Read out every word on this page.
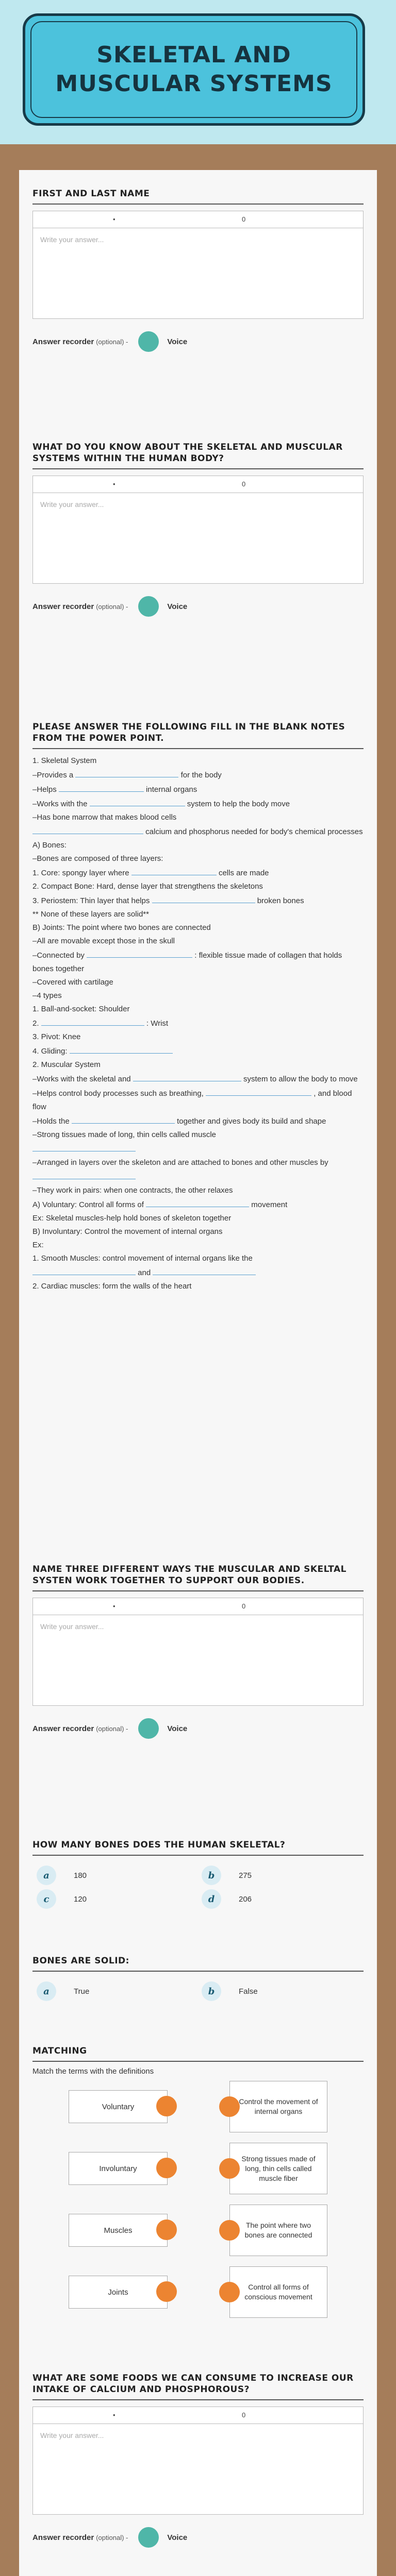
SKELETAL AND MUSCULAR SYSTEMS
FIRST AND LAST NAME
•	0
Write your answer...
Answer recorder (optional) -	Voice
WHAT DO YOU KNOW ABOUT THE SKELETAL AND MUSCULAR SYSTEMS WITHIN THE HUMAN BODY?
•	0
Write your answer...
Answer recorder (optional) -	Voice
PLEASE ANSWER THE FOLLOWING FILL IN THE BLANK NOTES FROM THE POWER POINT.
1. Skeletal System
–Provides a	for the body
–Helps	internal organs
–Works with the	system to help the body move
–Has bone marrow that makes blood cells
calcium and phosphorus needed for body's chemical processes
A) Bones:
–Bones are composed of three layers:
1. Core: spongy layer where	cells are made
2. Compact Bone: Hard, dense layer that strengthens the skeletons
3. Periostem: Thin layer that helps	broken bones
** None of these layers are solid**
B) Joints: The point where two bones are connected
–All are movable except those in the skull
–Connected by	: flexible tissue made of collagen that holds bones together
–Covered with cartilage
–4 types
1. Ball-and-socket: Shoulder
2.	: Wrist
3. Pivot: Knee
4. Gliding:
2. Muscular System
–Works with the skeletal and	system to allow the body to move
–Helps control body processes such as breathing,	, and blood flow
–Holds the	together and gives body its build and shape
–Strong tissues made of long, thin cells called muscle
–Arranged in layers over the skeleton and are attached to bones and other muscles by
–They work in pairs: when one contracts, the other relaxes
A) Voluntary: Control all forms of	movement
Ex: Skeletal muscles-help hold bones of skeleton together
B) Involuntary: Control the movement of internal organs
Ex:
1. Smooth Muscles: control movement of internal organs like the
and
2. Cardiac muscles: form the walls of the heart
NAME THREE DIFFERENT WAYS THE MUSCULAR AND SKELTAL SYSTEN WORK TOGETHER TO SUPPORT OUR BODIES.
•	0
Write your answer...
Answer recorder (optional) -	Voice
HOW MANY BONES DOES THE HUMAN SKELETAL?
a	180	b	275
c	120	d	206
BONES ARE SOLID:
a	True	b	False
MATCHING
Match the terms with the definitions
Voluntary
Involuntary
Muscles
Joints
Control the movement of internal organs
Strong tissues made of long, thin cells called muscle fiber
The point where two bones are connected
Control all forms of conscious movement
WHAT ARE SOME FOODS WE CAN CONSUME TO INCREASE OUR INTAKE OF CALCIUM AND PHOSPHOROUS?
•	0
Write your answer...
Answer recorder (optional) -	Voice
